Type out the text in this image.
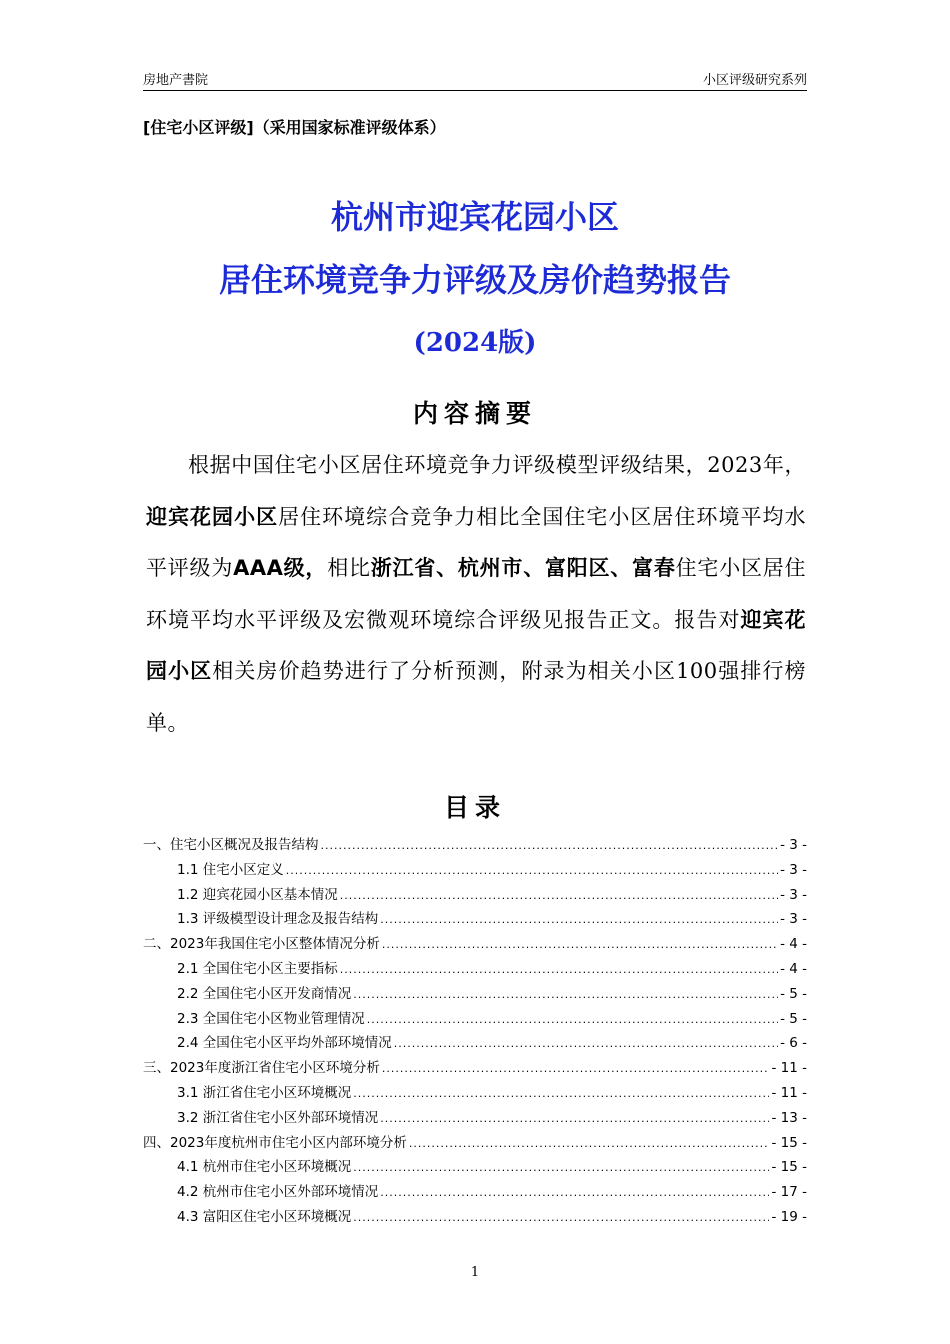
房地产書院	小区评级研究系列
[住宅小区评级]（采用国家标准评级体系）
杭州市迎宾花园小区
居住环境竞争力评级及房价趋势报告
(2024版)
内容摘要
根据中国住宅小区居住环境竞争力评级模型评级结果，2023年，迎宾花园小区居住环境综合竞争力相比全国住宅小区居住环境平均水平评级为AAA级，相比浙江省、杭州市、富阳区、富春住宅小区居住环境平均水平评级及宏微观环境综合评级见报告正文。报告对迎宾花园小区相关房价趋势进行了分析预测，附录为相关小区100强排行榜单。
目录
一、住宅小区概况及报告结构 .....	- 3 -
1.1 住宅小区定义 .....	- 3 -
1.2 迎宾花园小区基本情况 .....	- 3 -
1.3 评级模型设计理念及报告结构 .....	- 3 -
二、2023年我国住宅小区整体情况分析 .....	- 4 -
2.1 全国住宅小区主要指标 .....	- 4 -
2.2 全国住宅小区开发商情况 .....	- 5 -
2.3 全国住宅小区物业管理情况 .....	- 5 -
2.4 全国住宅小区平均外部环境情况 .....	- 6 -
三、2023年度浙江省住宅小区环境分析 .....	- 11 -
3.1 浙江省住宅小区环境概况 .....	- 11 -
3.2 浙江省住宅小区外部环境情况 .....	- 13 -
四、2023年度杭州市住宅小区内部环境分析 .....	- 15 -
4.1 杭州市住宅小区环境概况 .....	- 15 -
4.2 杭州市住宅小区外部环境情况 .....	- 17 -
4.3 富阳区住宅小区环境概况 .....	- 19 -
1
